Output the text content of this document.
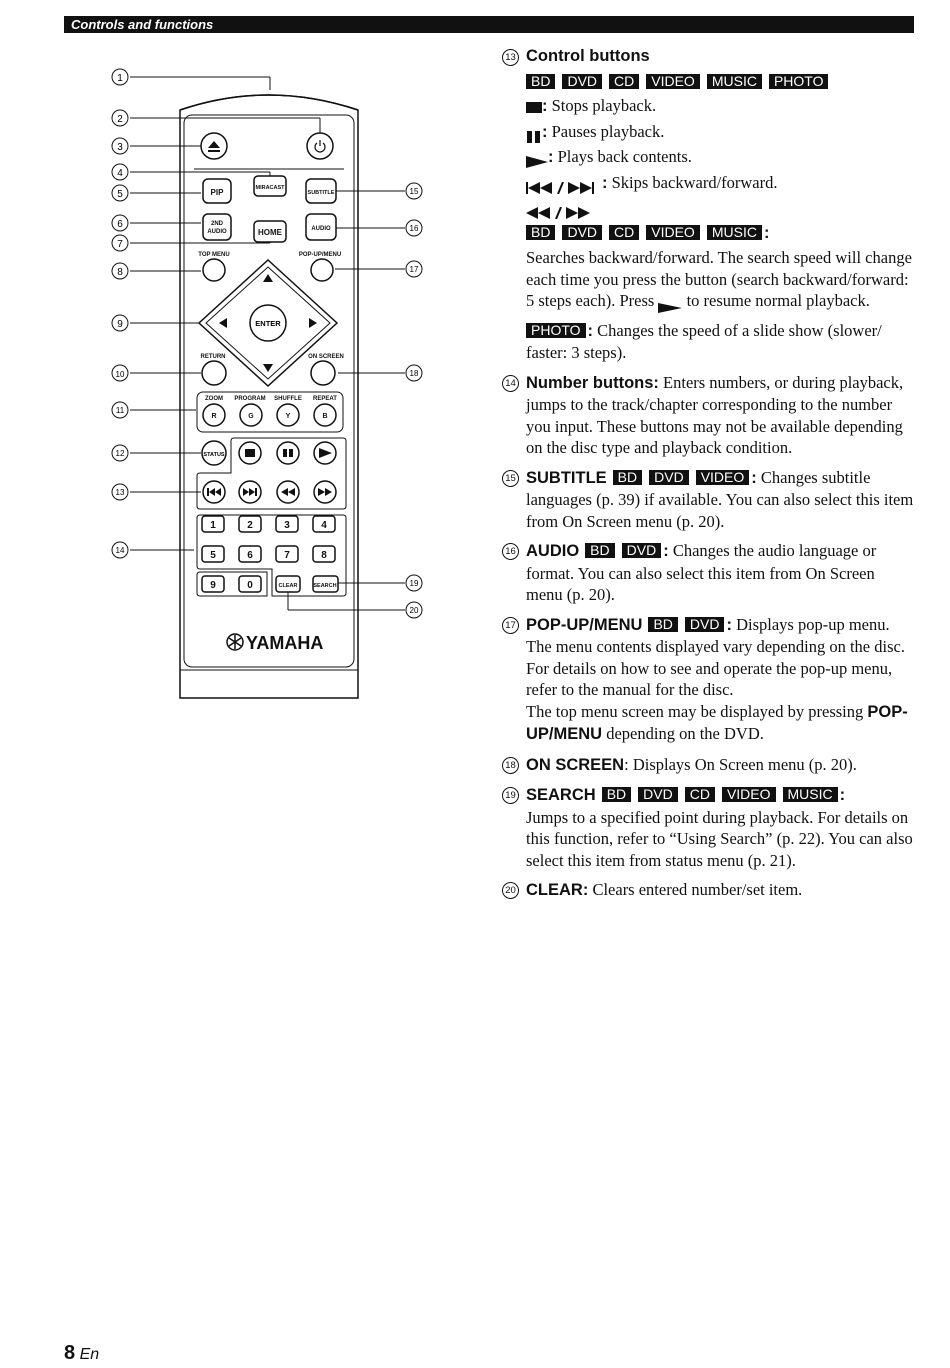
Controls and functions
1
2
3
4
5
6
7
8
9
10
11
12
13
14
15
16
17
18
19
20
PIP	MIRACAST
SUBTITLE
2ND
AUDIO	HOME	AUDIO
TOP MENU	POP-UP/MENU
ENTER
RETURN	ON SCREEN
ZOOM PROGRAM SHUFFLE REPEAT
R	G	Y	B
STATUS
1	2	3	4
5	6	7	8
9	0	CLEAR	SEARCH
YAMAHA
13 Control buttons
BD DVD CD VIDEO MUSIC PHOTO
: Stops playback.
: Pauses playback.
: Plays back contents.
: Skips backward/forward.
BD DVD CD VIDEO MUSIC :
Searches backward/forward. The search speed will change each time you press the button (search backward/forward: 5 steps each). Press to resume normal playback.
PHOTO : Changes the speed of a slide show (slower/ faster: 3 steps).
14 Number buttons: Enters numbers, or during playback, jumps to the track/chapter corresponding to the number you input. These buttons may not be available depending on the disc type and playback condition.
15 SUBTITLE BD DVD VIDEO : Changes subtitle languages (p. 39) if available. You can also select this item from On Screen menu (p. 20).
16 AUDIO BD DVD : Changes the audio language or format. You can also select this item from On Screen menu (p. 20).
17 POP-UP/MENU BD DVD : Displays pop-up menu. The menu contents displayed vary depending on the disc. For details on how to see and operate the pop-up menu, refer to the manual for the disc.
The top menu screen may be displayed by pressing POP-UP/MENU depending on the DVD.
18 ON SCREEN: Displays On Screen menu (p. 20).
19 SEARCH BD DVD CD VIDEO MUSIC :
Jumps to a specified point during playback. For details on this function, refer to “Using Search” (p. 22). You can also select this item from status menu (p. 21).
20 CLEAR: Clears entered number/set item.
8 En
